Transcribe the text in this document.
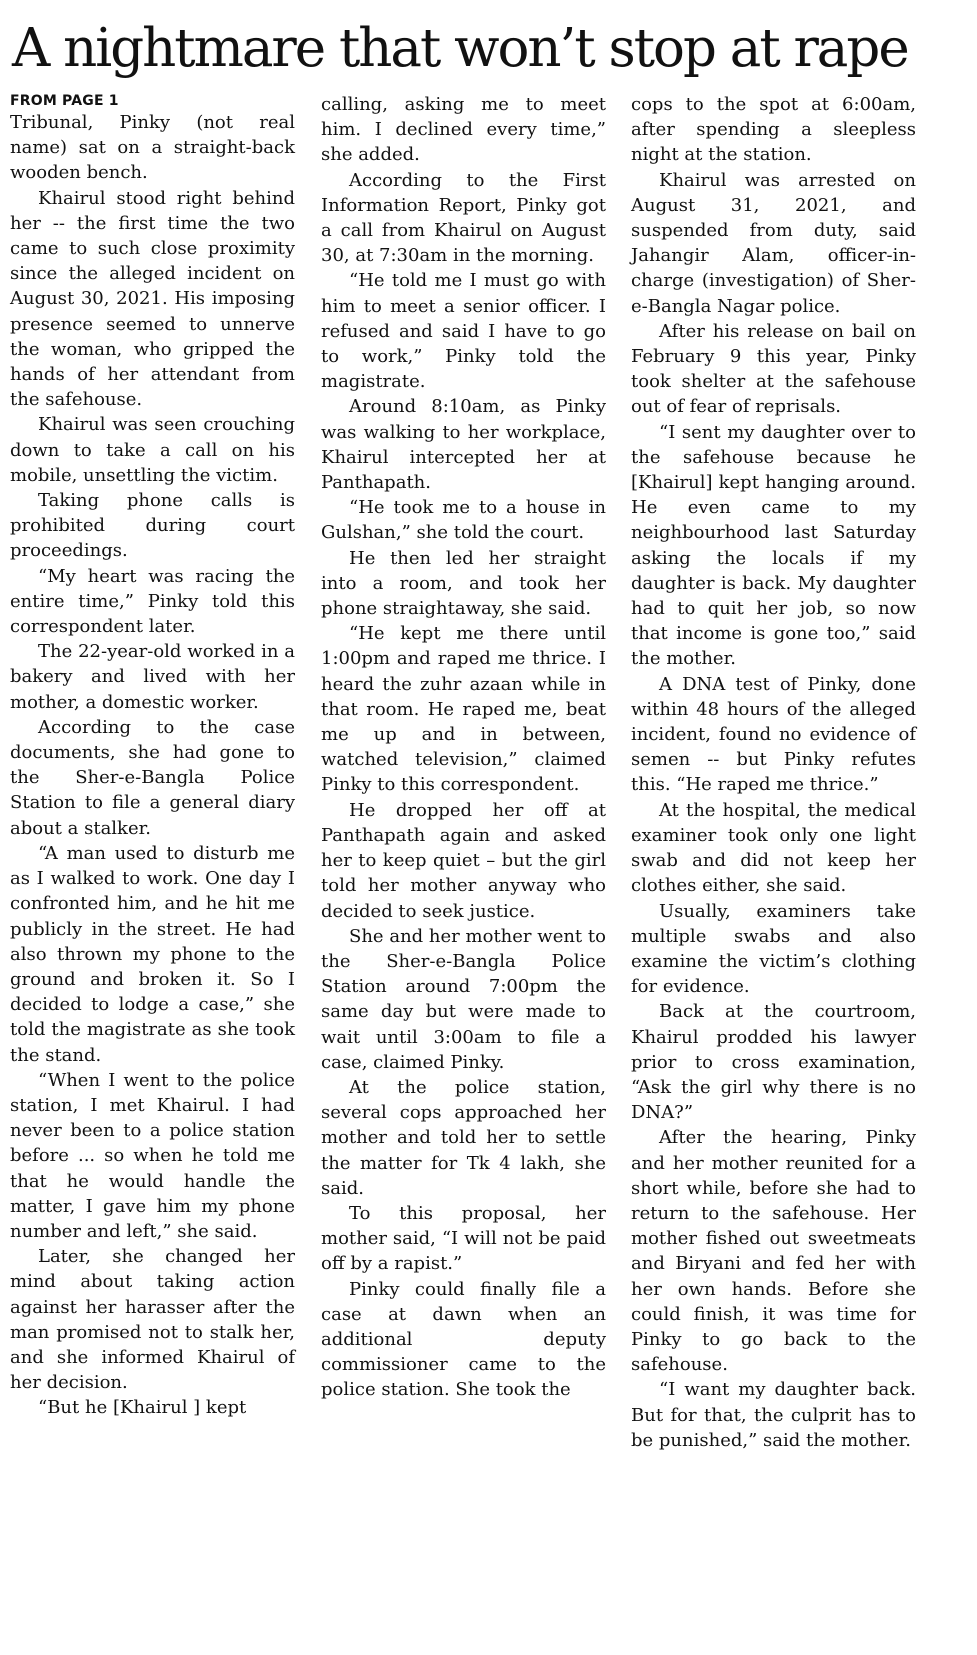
A nightmare that won’t stop at rape
FROM PAGE 1

Tribunal, Pinky (not real name) sat on a straight-back wooden bench.

Khairul stood right behind her -- the first time the two came to such close proximity since the alleged incident on August 30, 2021. His imposing presence seemed to unnerve the woman, who gripped the hands of her attendant from the safehouse.

Khairul was seen crouching down to take a call on his mobile, unsettling the victim.

Taking phone calls is prohibited during court proceedings.

“My heart was racing the entire time,” Pinky told this correspondent later.

The 22-year-old worked in a bakery and lived with her mother, a domestic worker.

According to the case documents, she had gone to the Sher-e-Bangla Police Station to file a general diary about a stalker.

“A man used to disturb me as I walked to work. One day I confronted him, and he hit me publicly in the street. He had also thrown my phone to the ground and broken it. So I decided to lodge a case,” she told the magistrate as she took the stand.

“When I went to the police station, I met Khairul. I had never been to a police station before ... so when he told me that he would handle the matter, I gave him my phone number and left,” she said.

Later, she changed her mind about taking action against her harasser after the man promised not to stalk her, and she informed Khairul of her decision.

“But he [Khairul ] kept

calling, asking me to meet him. I declined every time,” she added.

According to the First Information Report, Pinky got a call from Khairul on August 30, at 7:30am in the morning.

“He told me I must go with him to meet a senior officer. I refused and said I have to go to work,” Pinky told the magistrate.

Around 8:10am, as Pinky was walking to her workplace, Khairul intercepted her at Panthapath.

“He took me to a house in Gulshan,” she told the court.

He then led her straight into a room, and took her phone straightaway, she said.

“He kept me there until 1:00pm and raped me thrice. I heard the zuhr azaan while in that room. He raped me, beat me up and in between, watched television,” claimed Pinky to this correspondent.

He dropped her off at Panthapath again and asked her to keep quiet – but the girl told her mother anyway who decided to seek justice.

She and her mother went to the Sher-e-Bangla Police Station around 7:00pm the same day but were made to wait until 3:00am to file a case, claimed Pinky.

At the police station, several cops approached her mother and told her to settle the matter for Tk 4 lakh, she said.

To this proposal, her mother said, “I will not be paid off by a rapist.”

Pinky could finally file a case at dawn when an additional deputy commissioner came to the police station. She took the

cops to the spot at 6:00am, after spending a sleepless night at the station.

Khairul was arrested on August 31, 2021, and suspended from duty, said Jahangir Alam, officer-in-charge (investigation) of Sher-e-Bangla Nagar police.

After his release on bail on February 9 this year, Pinky took shelter at the safehouse out of fear of reprisals.

“I sent my daughter over to the safehouse because he [Khairul] kept hanging around. He even came to my neighbourhood last Saturday asking the locals if my daughter is back. My daughter had to quit her job, so now that income is gone too,” said the mother.

A DNA test of Pinky, done within 48 hours of the alleged incident, found no evidence of semen -- but Pinky refutes this. “He raped me thrice.”

At the hospital, the medical examiner took only one light swab and did not keep her clothes either, she said.

Usually, examiners take multiple swabs and also examine the victim’s clothing for evidence.

Back at the courtroom, Khairul prodded his lawyer prior to cross examination, “Ask the girl why there is no DNA?”

After the hearing, Pinky and her mother reunited for a short while, before she had to return to the safehouse. Her mother fished out sweetmeats and Biryani and fed her with her own hands. Before she could finish, it was time for Pinky to go back to the safehouse.

“I want my daughter back. But for that, the culprit has to be punished,” said the mother.
